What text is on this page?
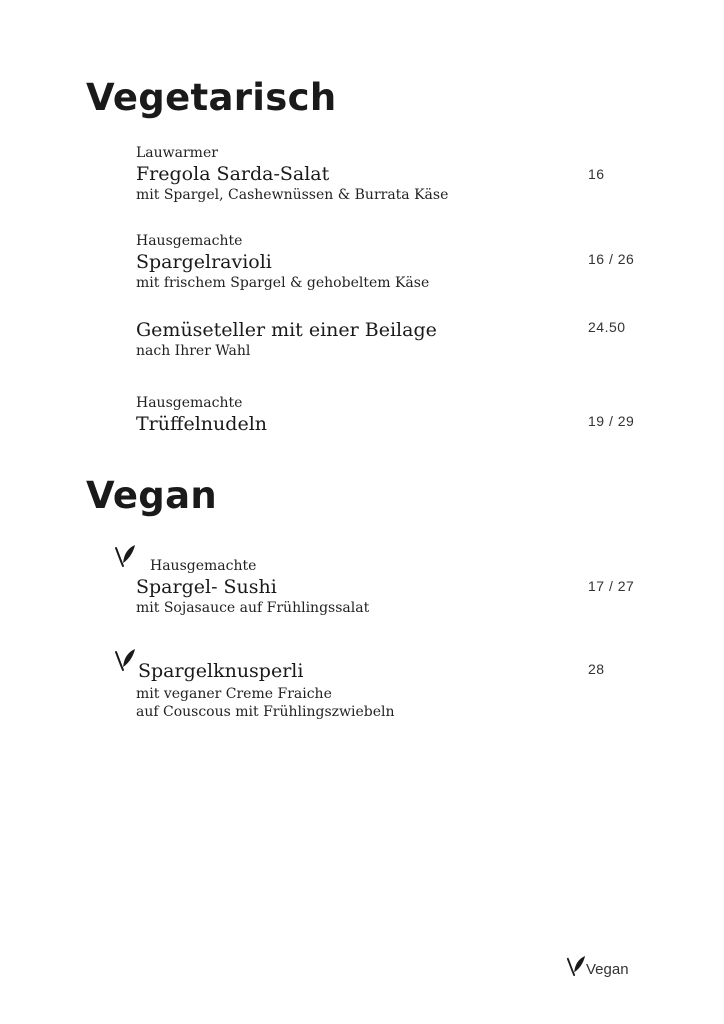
Vegetarisch
Lauwarmer
Fregola Sarda-Salat
mit Spargel, Cashewnüssen & Burrata Käse
16
Hausgemachte
Spargelravioli
mit frischem Spargel & gehobeltem Käse
16 / 26
Gemüseteller mit einer Beilage
nach Ihrer Wahl
24.50
Hausgemachte
Trüffelnudeln	19 / 29
Vegan
Hausgemachte
Spargel- Sushi
mit Sojasauce auf Frühlingssalat
17 / 27
Spargelknusperli
mit veganer Creme Fraiche
auf Couscous mit Frühlingszwiebeln
28
Vegan
